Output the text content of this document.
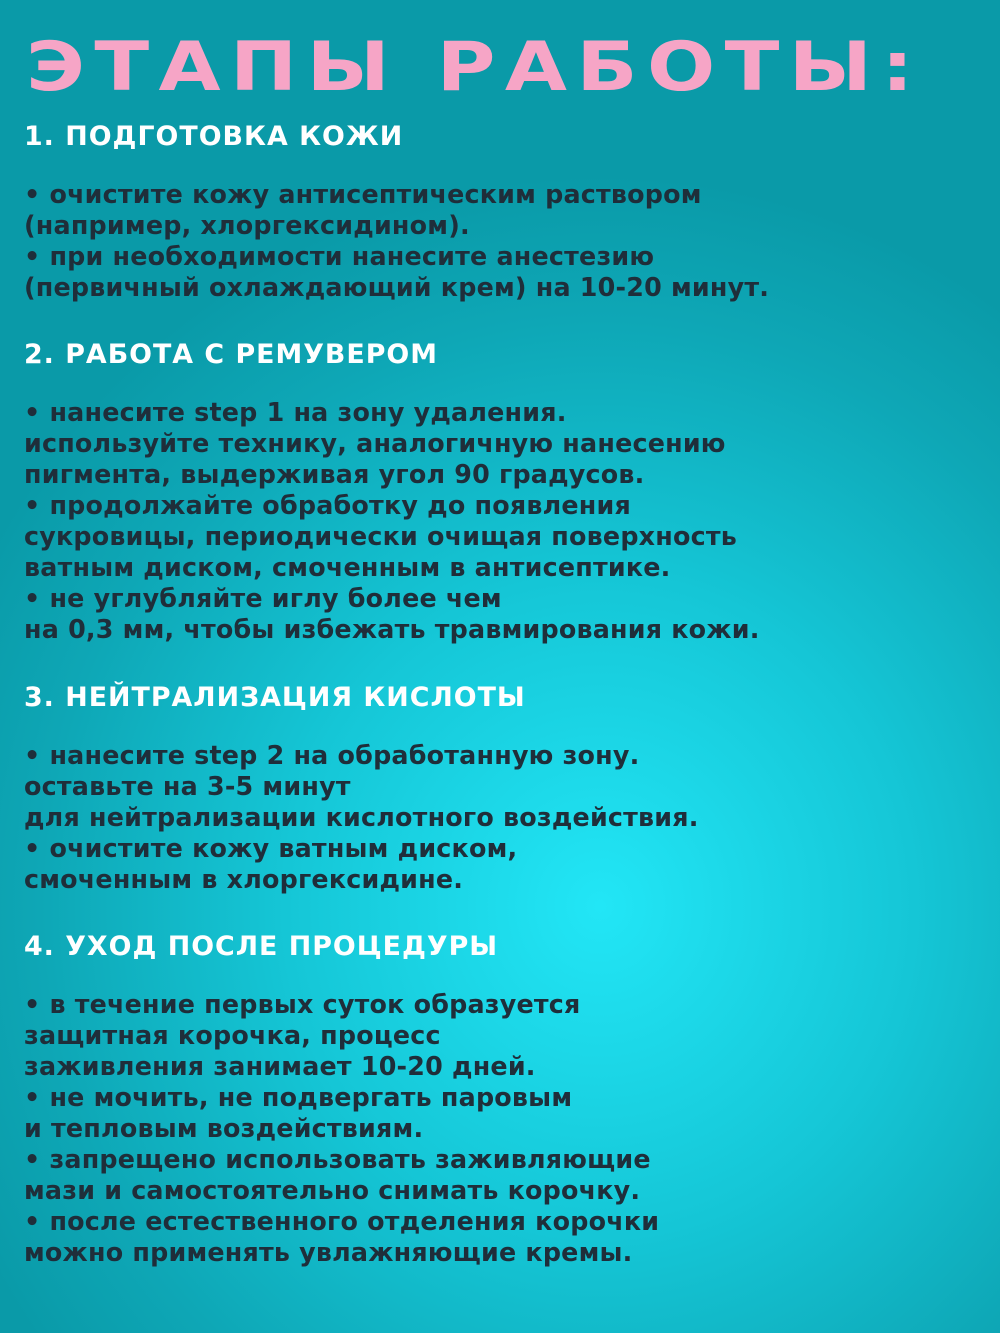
ЭТАПЫ РАБОТЫ:
1. ПОДГОТОВКА КОЖИ
• очистите кожу антисептическим раствором
(например, хлоргексидином).
• при необходимости нанесите анестезию
(первичный охлаждающий крем) на 10-20 минут.
2. РАБОТА С РЕМУВЕРОМ
• нанесите step 1 на зону удаления.
используйте технику, аналогичную нанесению
пигмента, выдерживая угол 90 градусов.
• продолжайте обработку до появления
сукровицы, периодически очищая поверхность
ватным диском, смоченным в антисептике.
• не углубляйте иглу более чем
на 0,3 мм, чтобы избежать травмирования кожи.
3. НЕЙТРАЛИЗАЦИЯ КИСЛОТЫ
• нанесите step 2 на обработанную зону.
оставьте на 3-5 минут
для нейтрализации кислотного воздействия.
• очистите кожу ватным диском,
смоченным в хлоргексидине.
4. УХОД ПОСЛЕ ПРОЦЕДУРЫ
• в течение первых суток образуется
защитная корочка, процесс
заживления занимает 10-20 дней.
• не мочить, не подвергать паровым
и тепловым воздействиям.
• запрещено использовать заживляющие
мази и самостоятельно снимать корочку.
• после естественного отделения корочки
можно применять увлажняющие кремы.
